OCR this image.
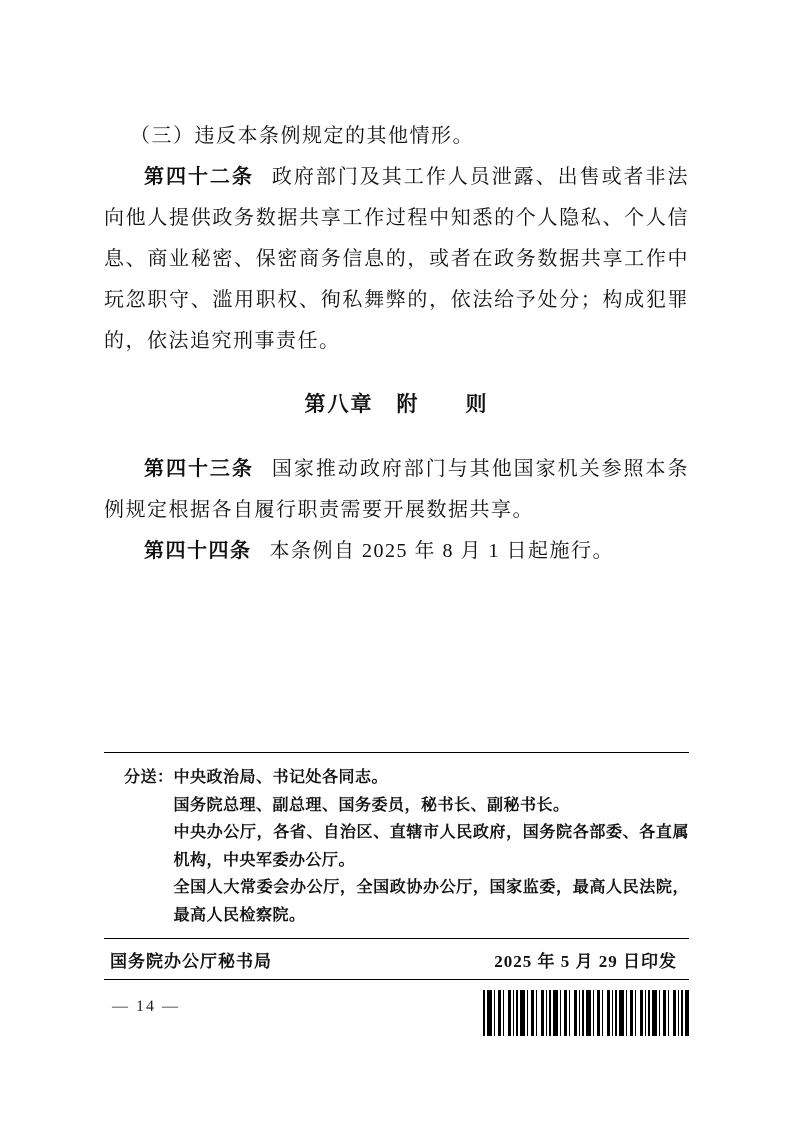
（三）违反本条例规定的其他情形。

第四十二条 政府部门及其工作人员泄露、出售或者非法向他人提供政务数据共享工作过程中知悉的个人隐私、个人信息、商业秘密、保密商务信息的，或者在政务数据共享工作中玩忽职守、滥用职权、徇私舞弊的，依法给予处分；构成犯罪的，依法追究刑事责任。

第八章　附　　则

第四十三条 国家推动政府部门与其他国家机关参照本条例规定根据各自履行职责需要开展数据共享。

第四十四条 本条例自 2025 年 8 月 1 日起施行。

分送： 中央政治局、书记处各同志。
国务院总理、副总理、国务委员，秘书长、副秘书长。
中央办公厅，各省、自治区、直辖市人民政府，国务院各部委、各直属机构，中央军委办公厅。
全国人大常委会办公厅，全国政协办公厅，国家监委，最高人民法院，最高人民检察院。
国务院办公厅秘书局	2025 年 5 月 29 日印发
— 14 —
